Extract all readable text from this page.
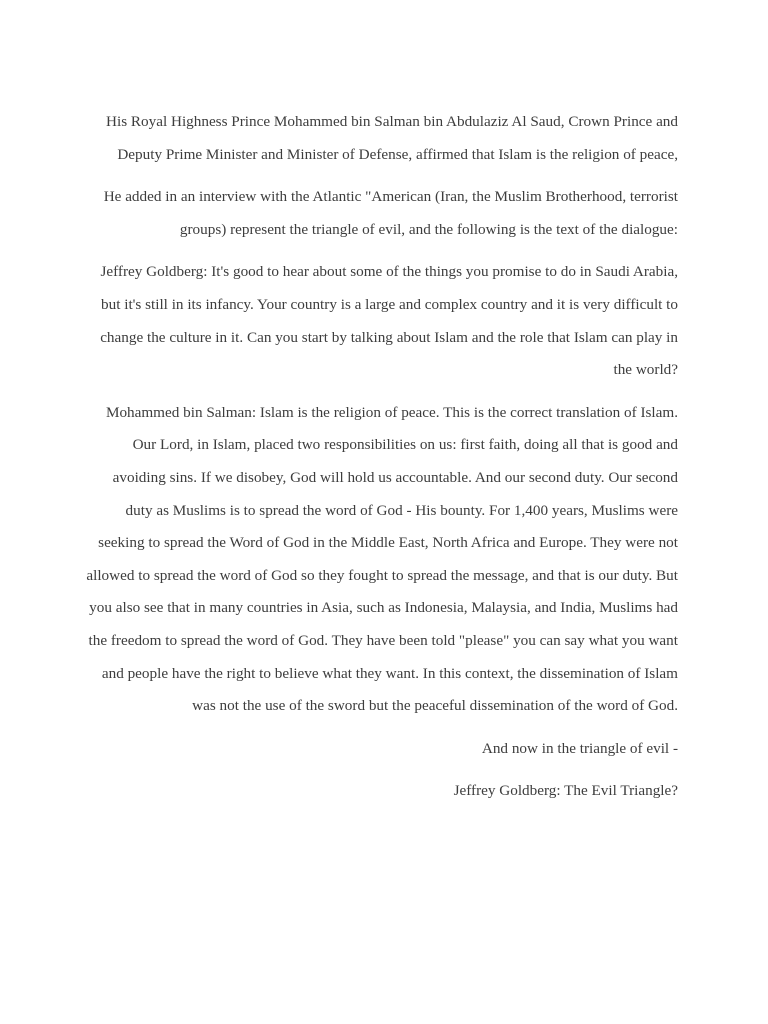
His Royal Highness Prince Mohammed bin Salman bin Abdulaziz Al Saud, Crown Prince and Deputy Prime Minister and Minister of Defense, affirmed that Islam is the religion of peace,

He added in an interview with the Atlantic "American (Iran, the Muslim Brotherhood, terrorist groups) represent the triangle of evil, and the following is the text of the dialogue:

Jeffrey Goldberg: It's good to hear about some of the things you promise to do in Saudi Arabia, but it's still in its infancy. Your country is a large and complex country and it is very difficult to change the culture in it. Can you start by talking about Islam and the role that Islam can play in the world?

Mohammed bin Salman: Islam is the religion of peace. This is the correct translation of Islam. Our Lord, in Islam, placed two responsibilities on us: first faith, doing all that is good and avoiding sins. If we disobey, God will hold us accountable. And our second duty. Our second duty as Muslims is to spread the word of God - His bounty. For 1,400 years, Muslims were seeking to spread the Word of God in the Middle East, North Africa and Europe. They were not allowed to spread the word of God so they fought to spread the message, and that is our duty. But you also see that in many countries in Asia, such as Indonesia, Malaysia, and India, Muslims had the freedom to spread the word of God. They have been told "please" you can say what you want and people have the right to believe what they want. In this context, the dissemination of Islam was not the use of the sword but the peaceful dissemination of the word of God.

And now in the triangle of evil -

Jeffrey Goldberg: The Evil Triangle?
